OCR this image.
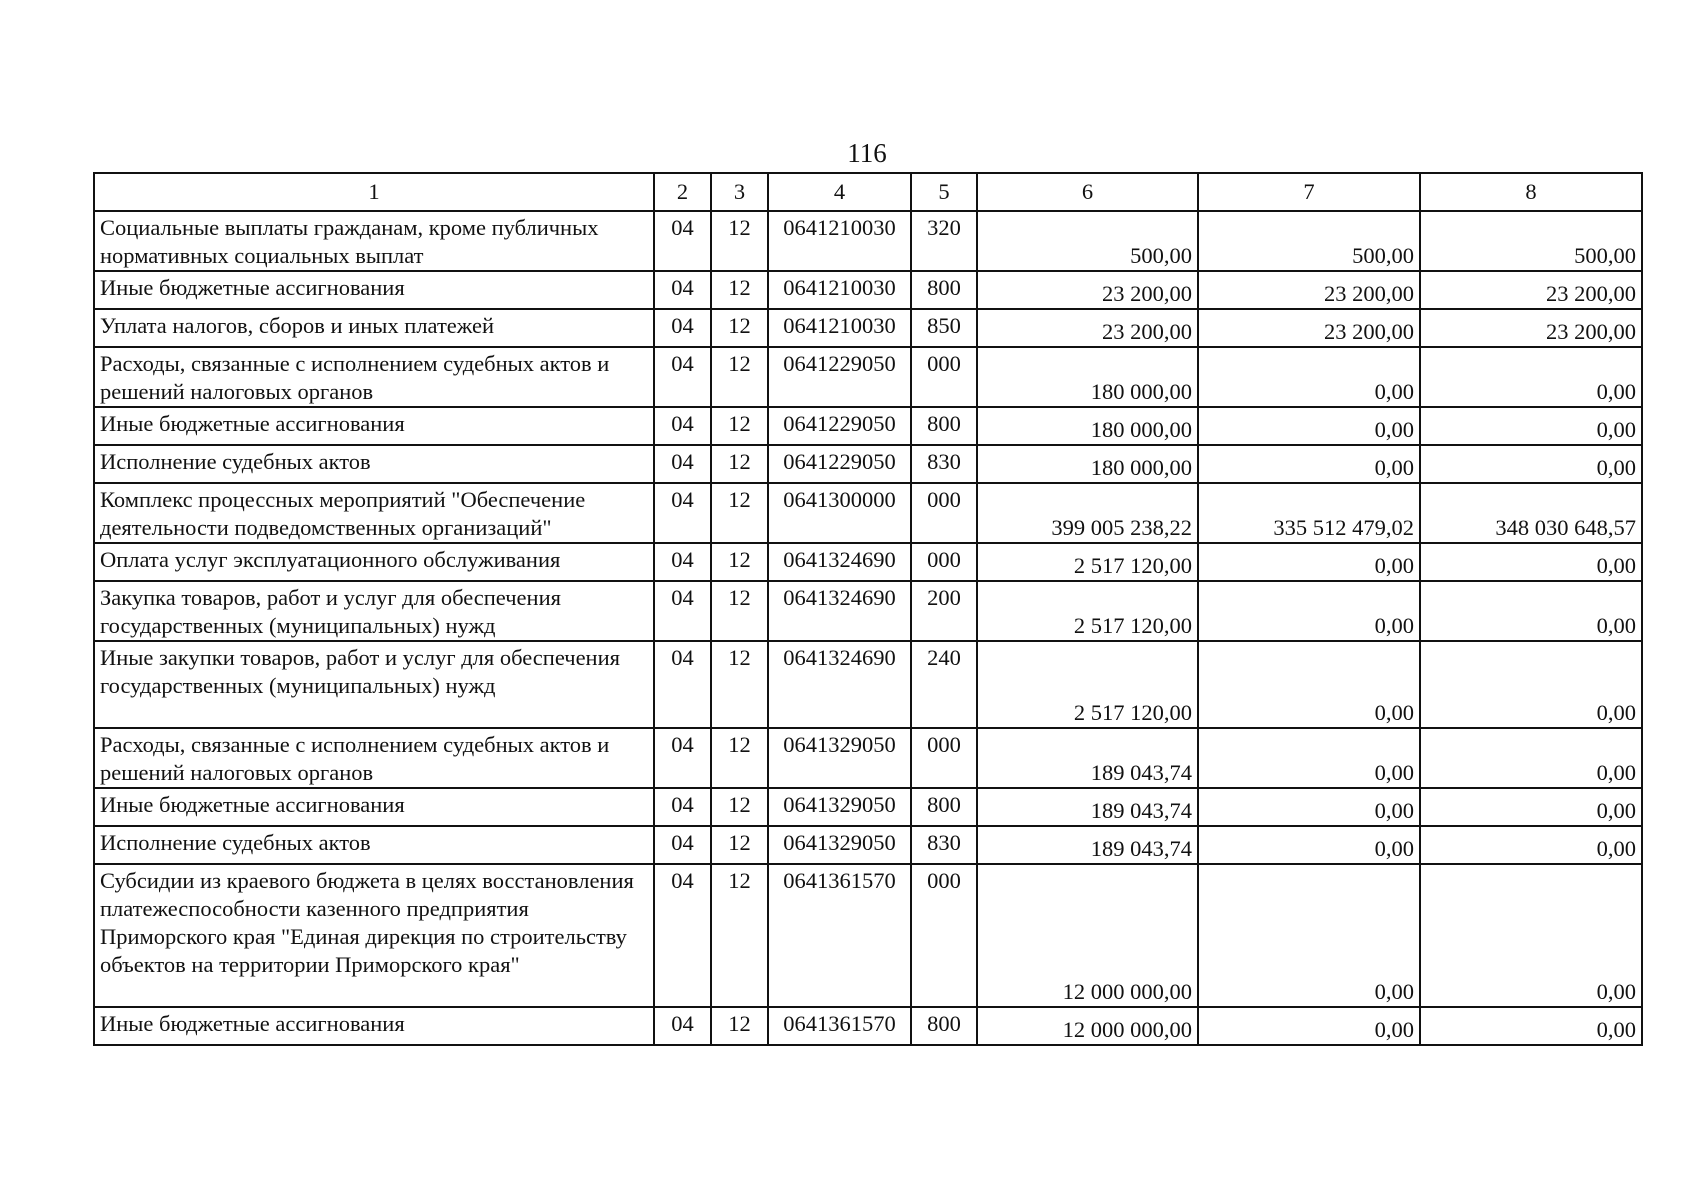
116
1	2	3	4	5	6	7	8
Социальные выплаты гражданам, кроме публичных нормативных социальных выплат	04	12	0641210030	320	500,00	500,00	500,00
Иные бюджетные ассигнования	04	12	0641210030	800	23 200,00	23 200,00	23 200,00
Уплата налогов, сборов и иных платежей	04	12	0641210030	850	23 200,00	23 200,00	23 200,00
Расходы, связанные с исполнением судебных актов и решений налоговых органов	04	12	0641229050	000	180 000,00	0,00	0,00
Иные бюджетные ассигнования	04	12	0641229050	800	180 000,00	0,00	0,00
Исполнение судебных актов	04	12	0641229050	830	180 000,00	0,00	0,00
Комплекс процессных мероприятий "Обеспечение деятельности подведомственных организаций"	04	12	0641300000	000	399 005 238,22	335 512 479,02	348 030 648,57
Оплата услуг эксплуатационного обслуживания	04	12	0641324690	000	2 517 120,00	0,00	0,00
Закупка товаров, работ и услуг для обеспечения государственных (муниципальных) нужд	04	12	0641324690	200	2 517 120,00	0,00	0,00
Иные закупки товаров, работ и услуг для обеспечения государственных (муниципальных) нужд	04	12	0641324690	240	2 517 120,00	0,00	0,00
Расходы, связанные с исполнением судебных актов и решений налоговых органов	04	12	0641329050	000	189 043,74	0,00	0,00
Иные бюджетные ассигнования	04	12	0641329050	800	189 043,74	0,00	0,00
Исполнение судебных актов	04	12	0641329050	830	189 043,74	0,00	0,00
Субсидии из краевого бюджета в целях восстановления платежеспособности казенного предприятия Приморского края "Единая дирекция по строительству объектов на территории Приморского края"	04	12	0641361570	000	12 000 000,00	0,00	0,00
Иные бюджетные ассигнования	04	12	0641361570	800	12 000 000,00	0,00	0,00
